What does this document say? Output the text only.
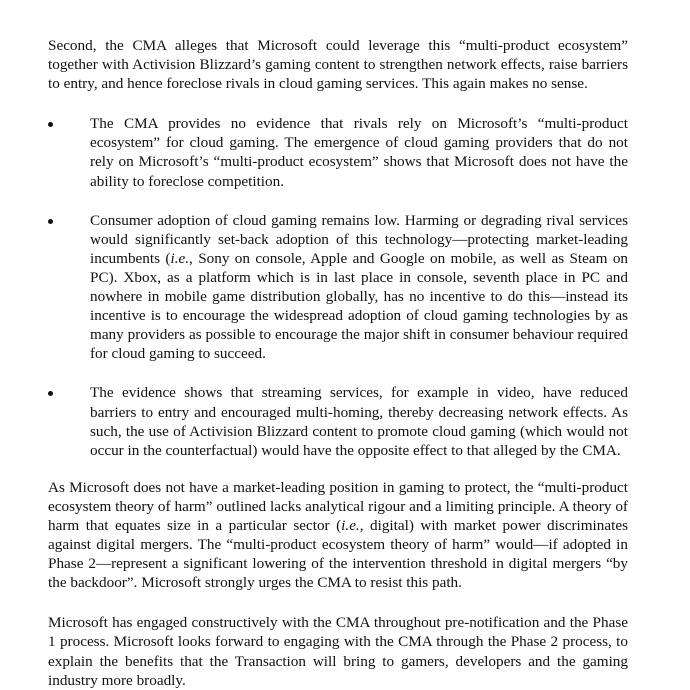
Second, the CMA alleges that Microsoft could leverage this “multi-product ecosystem” together with Activision Blizzard’s gaming content to strengthen network effects, raise barriers to entry, and hence foreclose rivals in cloud gaming services. This again makes no sense.

The CMA provides no evidence that rivals rely on Microsoft’s “multi-product ecosystem” for cloud gaming. The emergence of cloud gaming providers that do not rely on Microsoft’s “multi-product ecosystem” shows that Microsoft does not have the ability to foreclose competition.

Consumer adoption of cloud gaming remains low. Harming or degrading rival services would significantly set-back adoption of this technology—protecting market-leading incumbents (i.e., Sony on console, Apple and Google on mobile, as well as Steam on PC). Xbox, as a platform which is in last place in console, seventh place in PC and nowhere in mobile game distribution globally, has no incentive to do this—instead its incentive is to encourage the widespread adoption of cloud gaming technologies by as many providers as possible to encourage the major shift in consumer behaviour required for cloud gaming to succeed.

The evidence shows that streaming services, for example in video, have reduced barriers to entry and encouraged multi-homing, thereby decreasing network effects. As such, the use of Activision Blizzard content to promote cloud gaming (which would not occur in the counterfactual) would have the opposite effect to that alleged by the CMA.

As Microsoft does not have a market-leading position in gaming to protect, the “multi-product ecosystem theory of harm” outlined lacks analytical rigour and a limiting principle. A theory of harm that equates size in a particular sector (i.e., digital) with market power discriminates against digital mergers. The “multi-product ecosystem theory of harm” would—if adopted in Phase 2—represent a significant lowering of the intervention threshold in digital mergers “by the backdoor”. Microsoft strongly urges the CMA to resist this path.

Microsoft has engaged constructively with the CMA throughout pre-notification and the Phase 1 process. Microsoft looks forward to engaging with the CMA through the Phase 2 process, to explain the benefits that the Transaction will bring to gamers, developers and the gaming industry more broadly.
